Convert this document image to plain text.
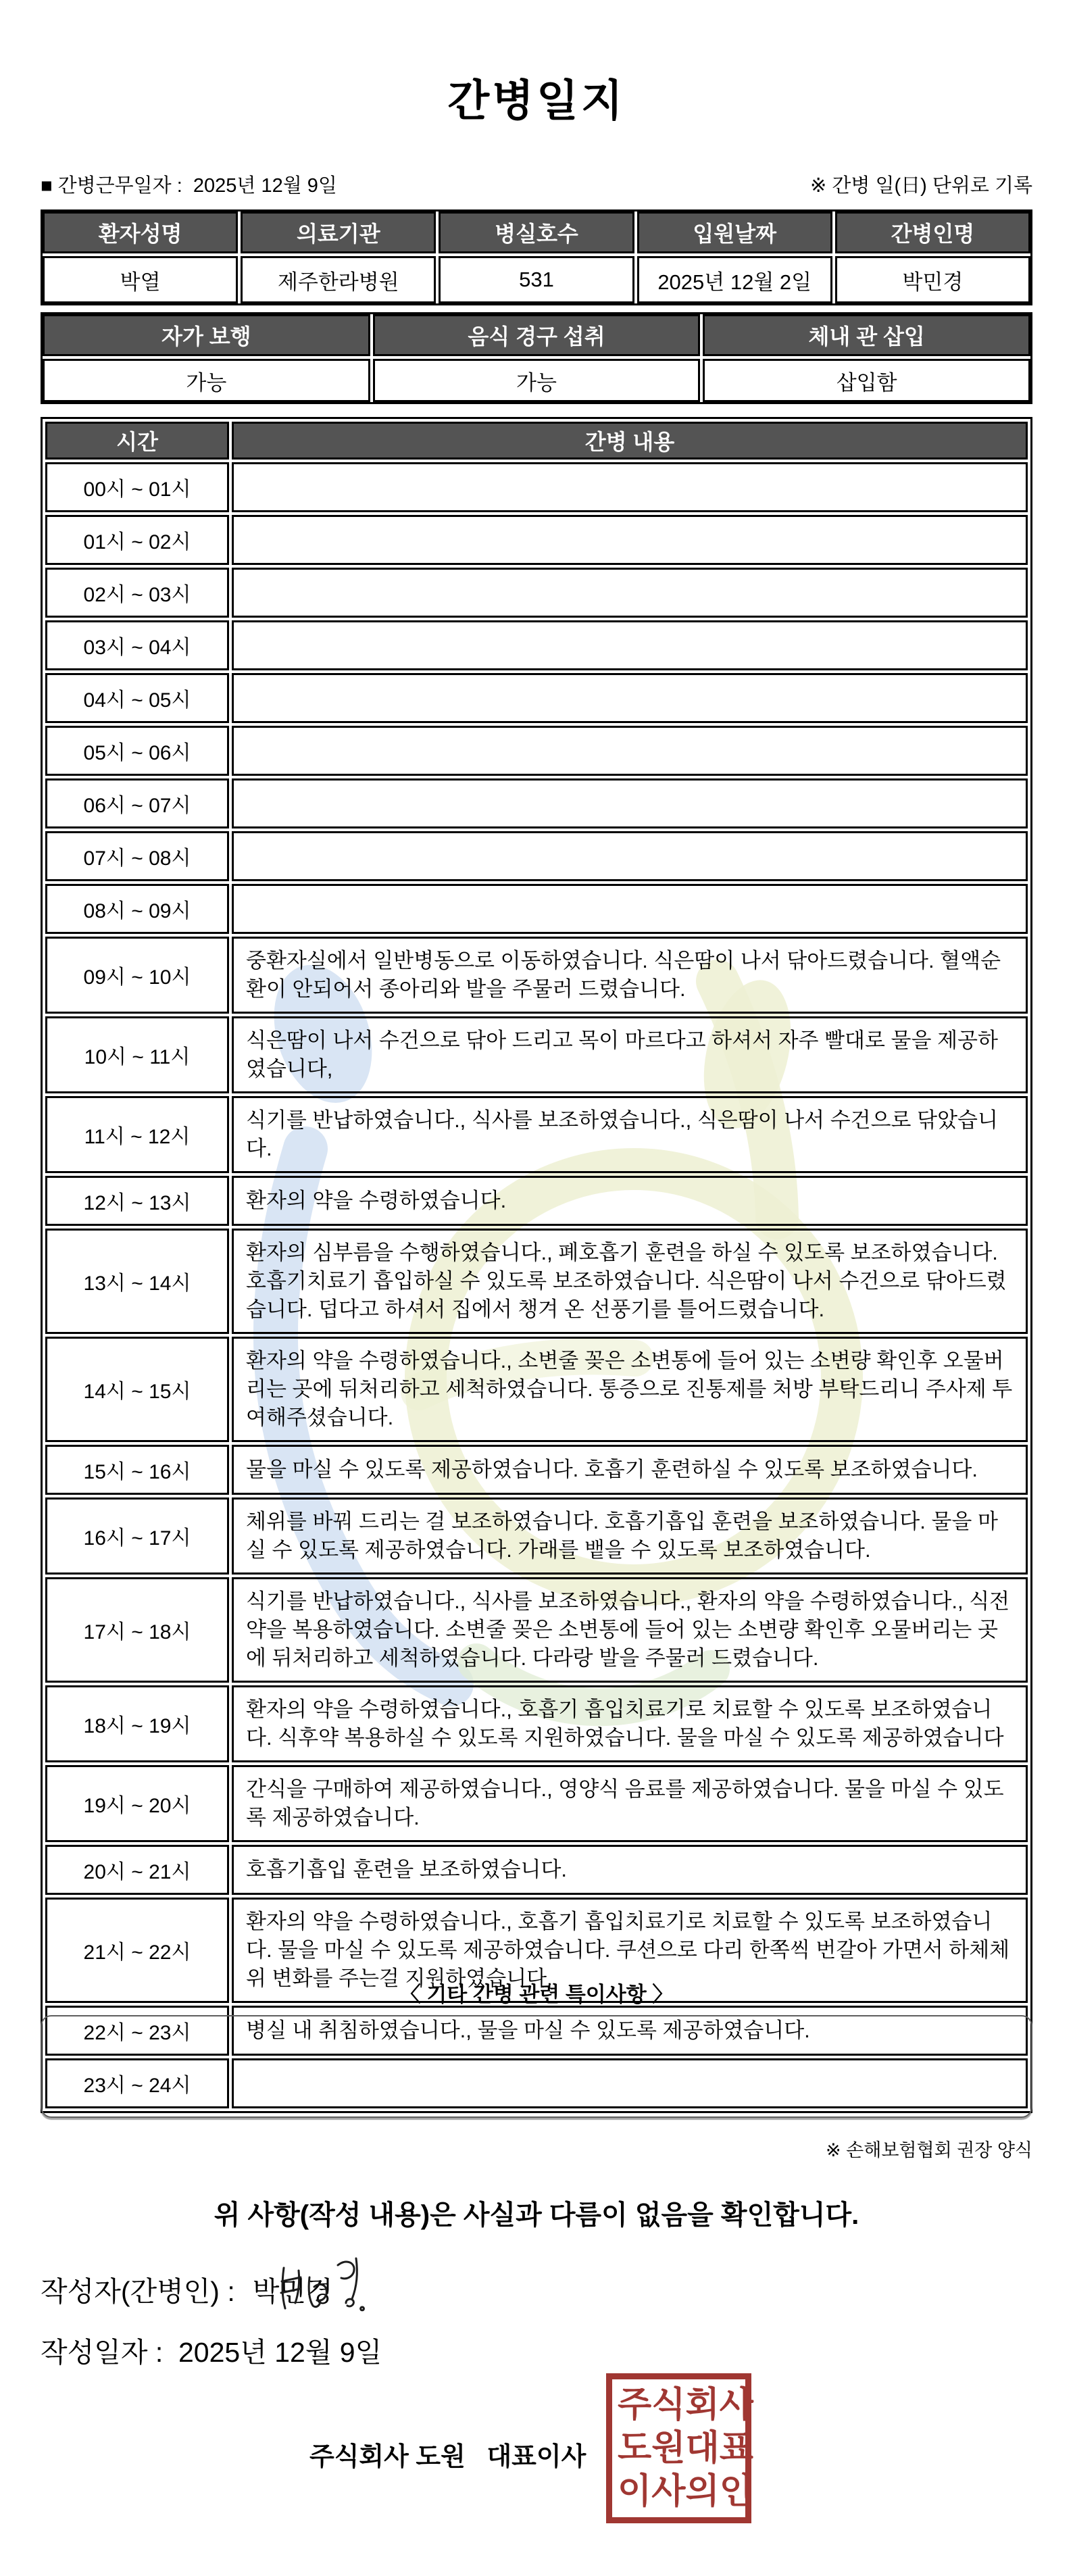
간병일지
■ 간병근무일자 :  2025년 12월 9일	※ 간병 일(日) 단위로 기록
환자성명	의료기관	병실호수	입원날짜	간병인명
박열	제주한라병원	531	2025년 12월 2일	박민경
자가 보행	음식 경구 섭취	체내 관 삽입
가능	가능	삽입함
시간	간병 내용
00시 ~ 01시	
01시 ~ 02시	
02시 ~ 03시	
03시 ~ 04시	
04시 ~ 05시	
05시 ~ 06시	
06시 ~ 07시	
07시 ~ 08시	
08시 ~ 09시	
09시 ~ 10시	중환자실에서 일반병동으로 이동하였습니다. 식은땀이 나서 닦아드렸습니다. 혈액순환이 안되어서 종아리와 발을 주물러 드렸습니다.
10시 ~ 11시	식은땀이 나서 수건으로 닦아 드리고 목이 마르다고 하셔서 자주 빨대로 물을 제공하였습니다,
11시 ~ 12시	식기를 반납하였습니다., 식사를 보조하였습니다., 식은땀이 나서 수건으로 닦았습니다.
12시 ~ 13시	환자의 약을 수령하였습니다.
13시 ~ 14시	환자의 심부름을 수행하였습니다., 폐호흡기 훈련을 하실 수 있도록 보조하였습니다. 호흡기치료기 흡입하실 수 있도록 보조하였습니다. 식은땀이 나서 수건으로 닦아드렸습니다. 덥다고 하셔서 집에서 챙겨 온 선풍기를 틀어드렸습니다.
14시 ~ 15시	환자의 약을 수령하였습니다., 소변줄 꽂은 소변통에 들어 있는 소변량 확인후 오물버리는 곳에 뒤처리하고 세척하였습니다. 통증으로 진통제를 처방 부탁드리니 주사제 투여해주셨습니다.
15시 ~ 16시	물을 마실 수 있도록 제공하였습니다. 호흡기 훈련하실 수 있도록 보조하였습니다.
16시 ~ 17시	체위를 바꿔 드리는 걸 보조하였습니다. 호흡기흡입 훈련을 보조하였습니다. 물을 마실 수 있도록 제공하였습니다. 가래를 뱉을 수 있도록 보조하였습니다.
17시 ~ 18시	식기를 반납하였습니다., 식사를 보조하였습니다., 환자의 약을 수령하였습니다., 식전약을 복용하였습니다. 소변줄 꽂은 소변통에 들어 있는 소변량 확인후 오물버리는 곳에 뒤처리하고 세척하였습니다. 다라랑 발을 주물러 드렸습니다.
18시 ~ 19시	환자의 약을 수령하였습니다., 호흡기 흡입치료기로 치료할 수 있도록 보조하였습니다. 식후약 복용하실 수 있도록 지원하였습니다. 물을 마실 수 있도록 제공하였습니다
19시 ~ 20시	간식을 구매하여 제공하였습니다., 영양식 음료를 제공하였습니다. 물을 마실 수 있도록 제공하였습니다.
20시 ~ 21시	호흡기흡입 훈련을 보조하였습니다.
21시 ~ 22시	환자의 약을 수령하였습니다., 호흡기 흡입치료기로 치료할 수 있도록 보조하였습니다. 물을 마실 수 있도록 제공하였습니다. 쿠션으로 다리 한쪽씩 번갈아 가면서 하체체위 변화를 주는걸 지원하였습니다.
22시 ~ 23시	병실 내 취침하였습니다., 물을 마실 수 있도록 제공하였습니다.
23시 ~ 24시	
〈 기타 간병 관련 특이사항 〉
※ 손해보험협회 권장 양식
위 사항(작성 내용)은 사실과 다름이 없음을 확인합니다.
작성자(간병인) : 박민경
작성일자 :  2025년 12월 9일
주식회사 도원   대표이사
주 식 회 사
도 원 대 표
이 사 의 인
